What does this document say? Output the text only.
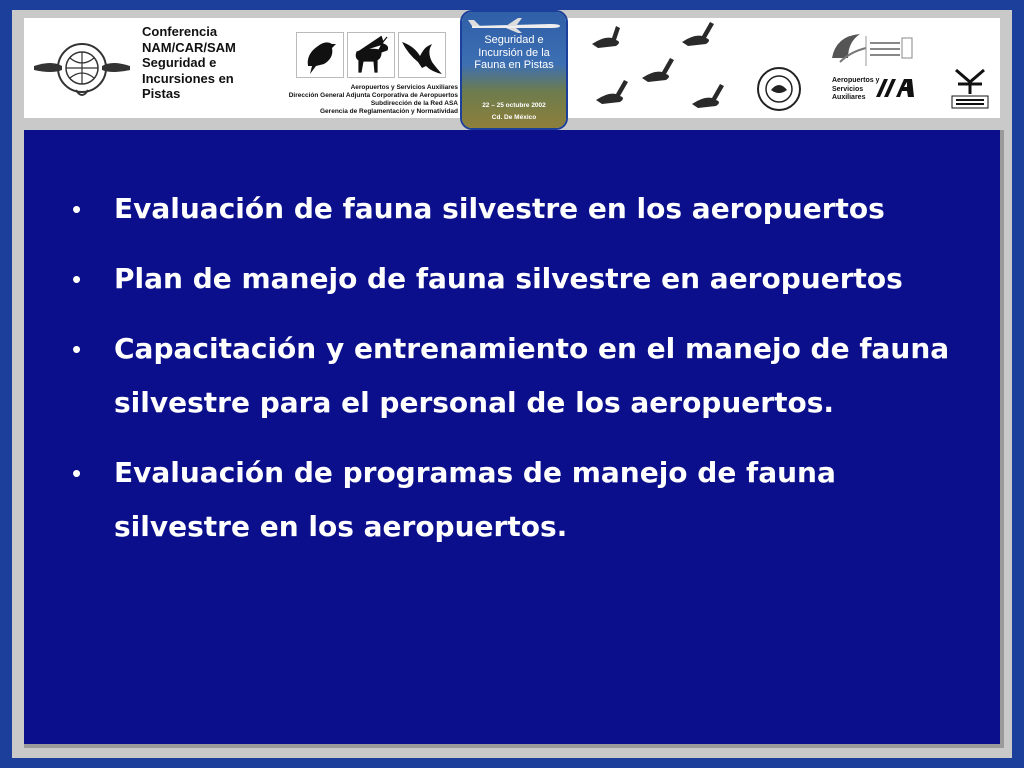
Conferencia NAM/CAR/SAM Seguridad e Incursiones en Pistas	Aeropuertos y Servicios Auxiliares
Dirección General Adjunta Corporativa de Aeropuertos
Subdirección de la Red ASA
Gerencia de Reglamentación y Normatividad
Seguridad e Incursión de la Fauna en Pistas
22 – 25 octubre 2002
Cd. De México
Aeropuertos y Servicios Auxiliares
• Evaluación de fauna silvestre en los aeropuertos
• Plan de manejo de fauna silvestre en aeropuertos
• Capacitación y entrenamiento en el manejo de fauna silvestre para el personal de los aeropuertos.
• Evaluación de programas de manejo de fauna silvestre en los aeropuertos.
